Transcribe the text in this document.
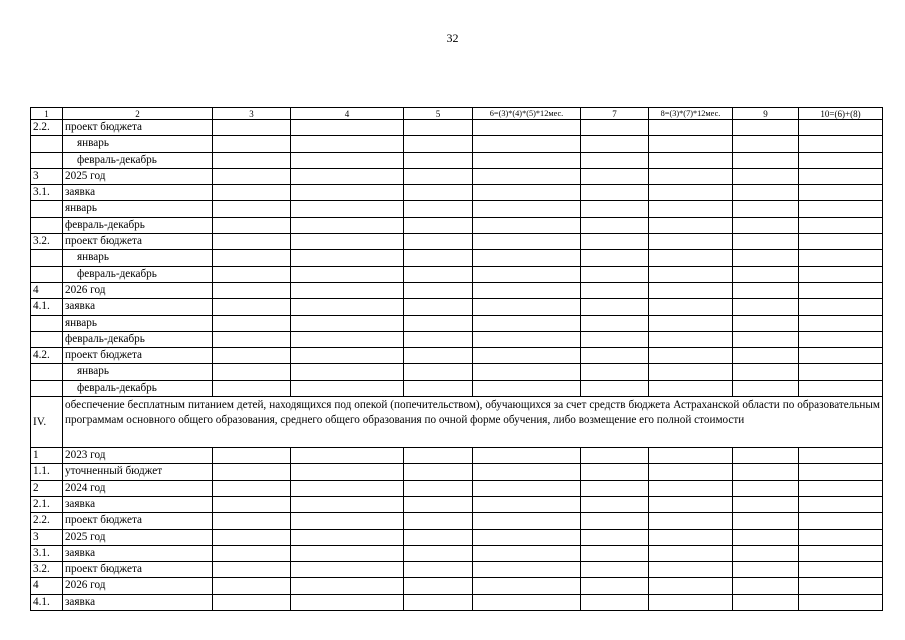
32
1	2	3	4	5	6=(3)*(4)*(5)*12мес.	7	8=(3)*(7)*12мес.	9	10=(6)+(8)
2.2.	проект бюджета								
	январь								
	февраль-декабрь								
3	2025 год								
3.1.	заявка								
	январь								
	февраль-декабрь								
3.2.	проект бюджета								
	январь								
	февраль-декабрь								
4	2026 год								
4.1.	заявка								
	январь								
	февраль-декабрь								
4.2.	проект бюджета								
	январь								
	февраль-декабрь								
IV.	обеспечение бесплатным питанием детей, находящихся под опекой (попечительством), обучающихся за счет средств бюджета Астраханской области по образовательным программам основного общего образования, среднего общего образования по очной форме обучения, либо возмещение его полной стоимости								
1	2023 год								
1.1.	уточненный бюджет								
2	2024 год								
2.1.	заявка								
2.2.	проект бюджета								
3	2025 год								
3.1.	заявка								
3.2.	проект бюджета								
4	2026 год								
4.1.	заявка								
